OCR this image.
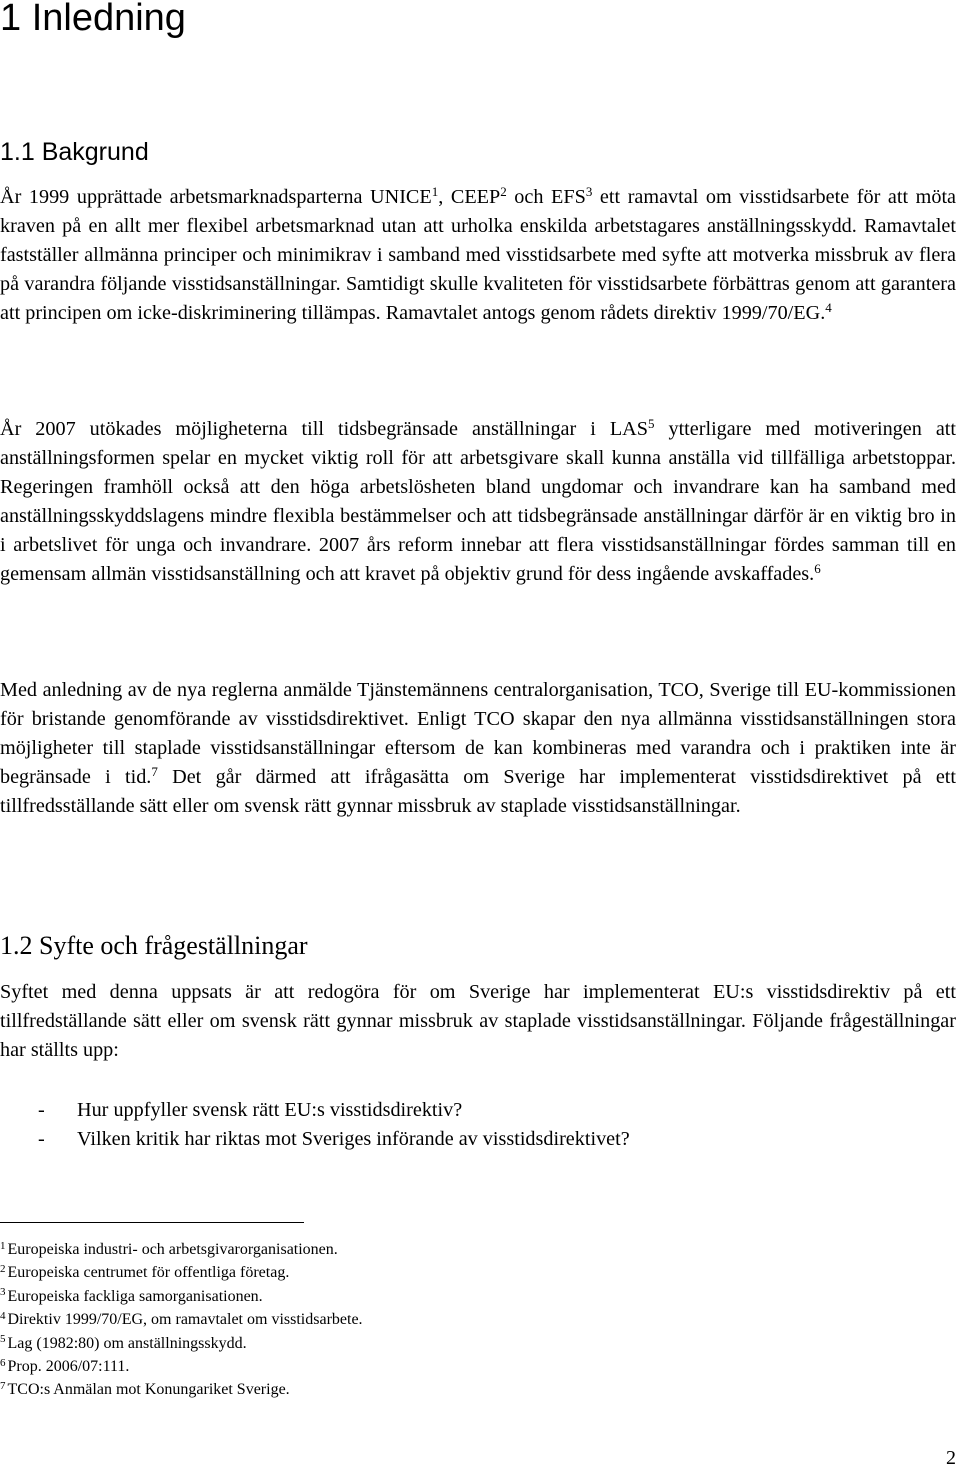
1 Inledning
1.1 Bakgrund

År 1999 upprättade arbetsmarknadsparterna UNICE$^1$, CEEP$^2$ och EFS$^3$ ett ramavtal om visstidsarbete för att möta kraven på en allt mer flexibel arbetsmarknad utan att urholka enskilda arbetstagares anställningsskydd. Ramavtalet fastställer allmänna principer och minimikrav i samband med visstidsarbete med syfte att motverka missbruk av flera på varandra följande visstidsanställningar. Samtidigt skulle kvaliteten för visstidsarbete förbättras genom att garantera att principen om icke-diskriminering tillämpas. Ramavtalet antogs genom rådets direktiv 1999/70/EG.$^4$

År 2007 utökades möjligheterna till tidsbegränsade anställningar i LAS$^5$ ytterligare med motiveringen att anställningsformen spelar en mycket viktig roll för att arbetsgivare skall kunna anställa vid tillfälliga arbetstoppar. Regeringen framhöll också att den höga arbetslösheten bland ungdomar och invandrare kan ha samband med anställningsskyddslagens mindre flexibla bestämmelser och att tidsbegränsade anställningar därför är en viktig bro in i arbetslivet för unga och invandrare. 2007 års reform innebar att flera visstidsanställningar fördes samman till en gemensam allmän visstidsanställning och att kravet på objektiv grund för dess ingående avskaffades.$^6$

Med anledning av de nya reglerna anmälde Tjänstemännens centralorganisation, TCO, Sverige till EU-kommissionen för bristande genomförande av visstidsdirektivet. Enligt TCO skapar den nya allmänna visstidsanställningen stora möjligheter till staplade visstidsanställningar eftersom de kan kombineras med varandra och i praktiken inte är begränsade i tid.$^7$ Det går därmed att ifrågasätta om Sverige har implementerat visstidsdirektivet på ett tillfredsställande sätt eller om svensk rätt gynnar missbruk av staplade visstidsanställningar.

1.2 Syfte och frågeställningar

Syftet med denna uppsats är att redogöra för om Sverige har implementerat EU:s visstidsdirektiv på ett tillfredställande sätt eller om svensk rätt gynnar missbruk av staplade visstidsanställningar. Följande frågeställningar har ställts upp:

- Hur uppfyller svensk rätt EU:s visstidsdirektiv?
- Vilken kritik har riktas mot Sveriges införande av visstidsdirektivet?
$^1$ Europeiska industri- och arbetsgivarorganisationen.
$^2$ Europeiska centrumet för offentliga företag.
$^3$ Europeiska fackliga samorganisationen.
$^4$ Direktiv 1999/70/EG, om ramavtalet om visstidsarbete.
$^5$ Lag (1982:80) om anställningsskydd.
$^6$ Prop. 2006/07:111.
$^7$ TCO:s Anmälan mot Konungariket Sverige.
2
